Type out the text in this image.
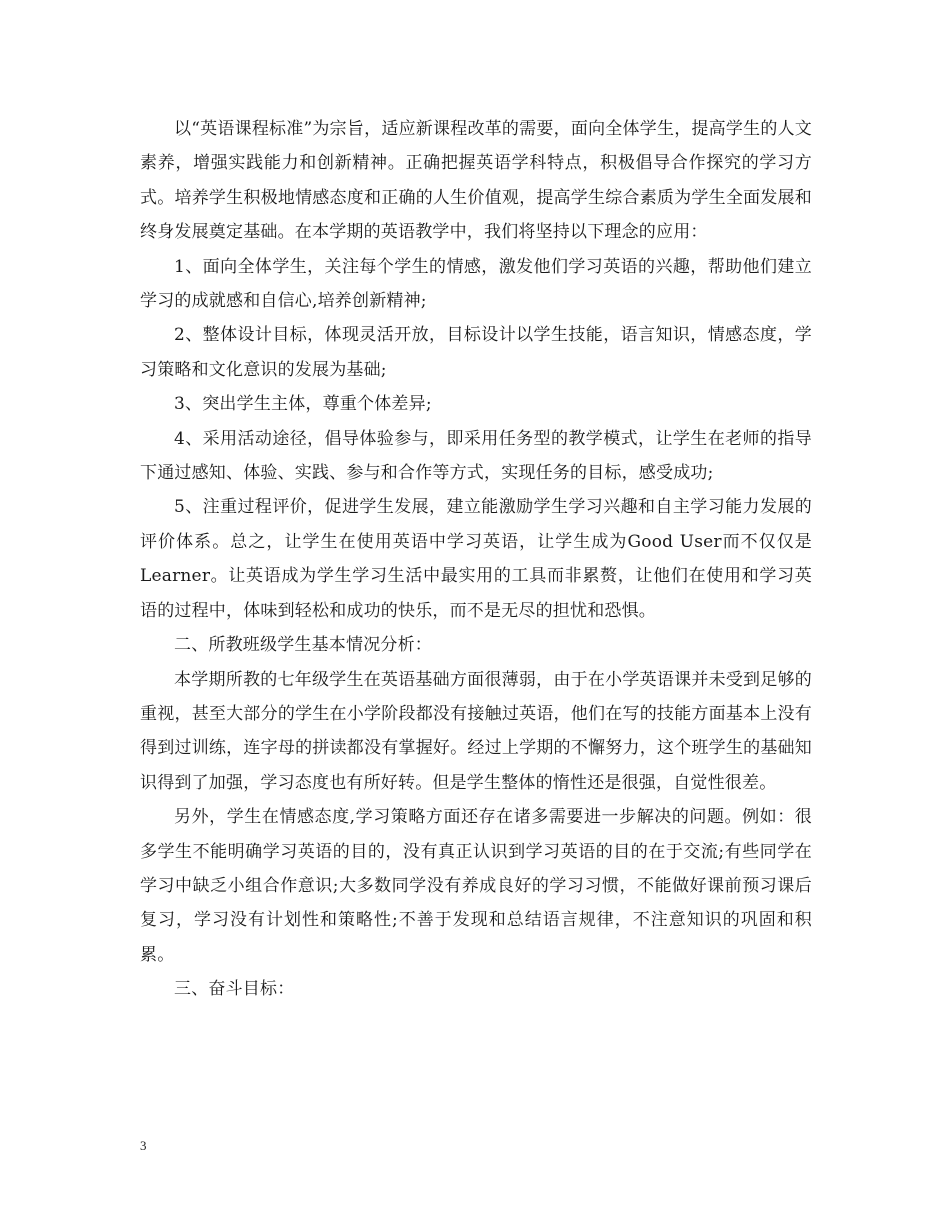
以“英语课程标准”为宗旨，适应新课程改革的需要，面向全体学生，提高学生的人文素养，增强实践能力和创新精神。正确把握英语学科特点，积极倡导合作探究的学习方式。培养学生积极地情感态度和正确的人生价值观，提高学生综合素质为学生全面发展和终身发展奠定基础。在本学期的英语教学中，我们将坚持以下理念的应用：

1、面向全体学生，关注每个学生的情感，激发他们学习英语的兴趣，帮助他们建立学习的成就感和自信心,培养创新精神;

2、整体设计目标，体现灵活开放，目标设计以学生技能，语言知识，情感态度，学习策略和文化意识的发展为基础;

3、突出学生主体，尊重个体差异;

4、采用活动途径，倡导体验参与，即采用任务型的教学模式，让学生在老师的指导下通过感知、体验、实践、参与和合作等方式，实现任务的目标，感受成功;

5、注重过程评价，促进学生发展，建立能激励学生学习兴趣和自主学习能力发展的评价体系。总之，让学生在使用英语中学习英语，让学生成为Good User而不仅仅是Learner。让英语成为学生学习生活中最实用的工具而非累赘，让他们在使用和学习英语的过程中，体味到轻松和成功的快乐，而不是无尽的担忧和恐惧。

二、所教班级学生基本情况分析：

本学期所教的七年级学生在英语基础方面很薄弱，由于在小学英语课并未受到足够的重视，甚至大部分的学生在小学阶段都没有接触过英语，他们在写的技能方面基本上没有得到过训练，连字母的拼读都没有掌握好。经过上学期的不懈努力，这个班学生的基础知识得到了加强，学习态度也有所好转。但是学生整体的惰性还是很强，自觉性很差。

另外，学生在情感态度,学习策略方面还存在诸多需要进一步解决的问题。例如：很多学生不能明确学习英语的目的，没有真正认识到学习英语的目的在于交流;有些同学在学习中缺乏小组合作意识;大多数同学没有养成良好的学习习惯，不能做好课前预习课后复习，学习没有计划性和策略性;不善于发现和总结语言规律，不注意知识的巩固和积累。

三、奋斗目标：

3
